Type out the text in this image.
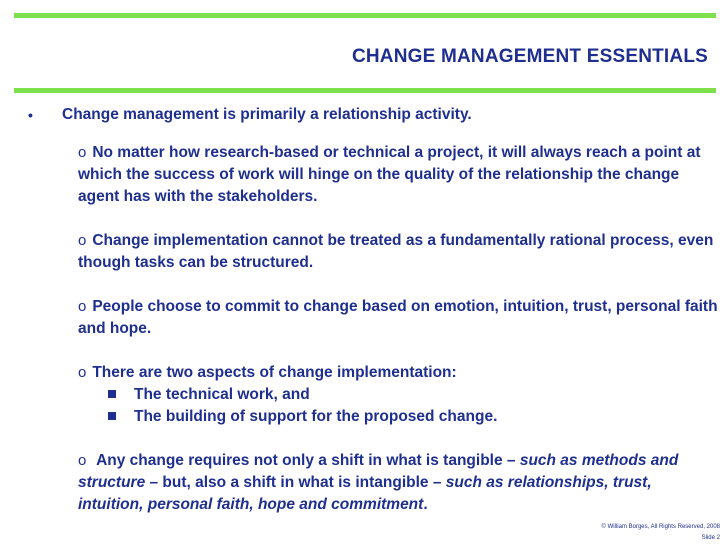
CHANGE MANAGEMENT ESSENTIALS
• Change management is primarily a relationship activity.
o No matter how research-based or technical a project, it will always reach a point at which the success of work will hinge on the quality of the relationship the change agent has with the stakeholders.
o Change implementation cannot be treated as a fundamentally rational process, even though tasks can be structured.
o People choose to commit to change based on emotion, intuition, trust, personal faith and hope.
o There are two aspects of change implementation:
The technical work, and
The building of support for the proposed change.
o Any change requires not only a shift in what is tangible – such as methods and structure – but, also a shift in what is intangible – such as relationships, trust, intuition, personal faith, hope and commitment.
© William Borges, All Rights Reserved, 2008
Slide 2
